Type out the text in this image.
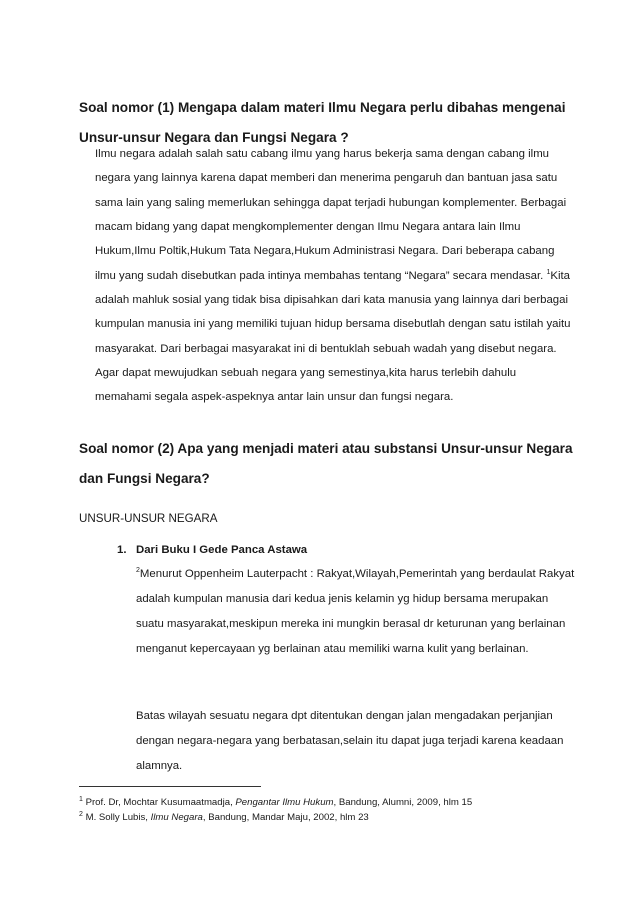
Soal nomor (1) Mengapa dalam materi Ilmu Negara perlu dibahas mengenai
Unsur-unsur Negara dan Fungsi Negara ?

Ilmu negara adalah salah satu cabang ilmu yang harus bekerja sama dengan cabang ilmu negara yang lainnya karena dapat memberi dan menerima pengaruh dan bantuan jasa satu sama lain yang saling memerlukan sehingga dapat terjadi hubungan komplementer. Berbagai macam bidang yang dapat mengkomplementer dengan Ilmu Negara antara lain Ilmu Hukum,Ilmu Poltik,Hukum Tata Negara,Hukum Administrasi Negara. Dari beberapa cabang ilmu yang sudah disebutkan pada intinya membahas tentang “Negara” secara mendasar. $^1$Kita adalah mahluk sosial yang tidak bisa dipisahkan dari kata manusia yang lainnya dari berbagai kumpulan manusia ini yang memiliki tujuan hidup bersama disebutlah dengan satu istilah yaitu masyarakat. Dari berbagai masyarakat ini di bentuklah sebuah wadah yang disebut negara. Agar dapat mewujudkan sebuah negara yang semestinya,kita harus terlebih dahulu memahami segala aspek-aspeknya antar lain unsur dan fungsi negara.

Soal nomor (2) Apa yang menjadi materi atau substansi Unsur-unsur Negara
dan Fungsi Negara?
UNSUR-UNSUR NEGARA

1. Dari Buku I Gede Panca Astawa

$^2$Menurut Oppenheim Lauterpacht : Rakyat,Wilayah,Pemerintah yang berdaulat Rakyat adalah kumpulan manusia dari kedua jenis kelamin yg hidup bersama merupakan suatu masyarakat,meskipun mereka ini mungkin berasal dr keturunan yang berlainan menganut kepercayaan yg berlainan atau memiliki warna kulit yang berlainan.

Batas wilayah sesuatu negara dpt ditentukan dengan jalan mengadakan perjanjian dengan negara-negara yang berbatasan,selain itu dapat juga terjadi karena keadaan alamnya.

$^1$ Prof. Dr, Mochtar Kusumaatmadja, Pengantar Ilmu Hukum, Bandung, Alumni, 2009, hlm 15

$^2$ M. Solly Lubis, Ilmu Negara, Bandung, Mandar Maju, 2002, hlm 23
